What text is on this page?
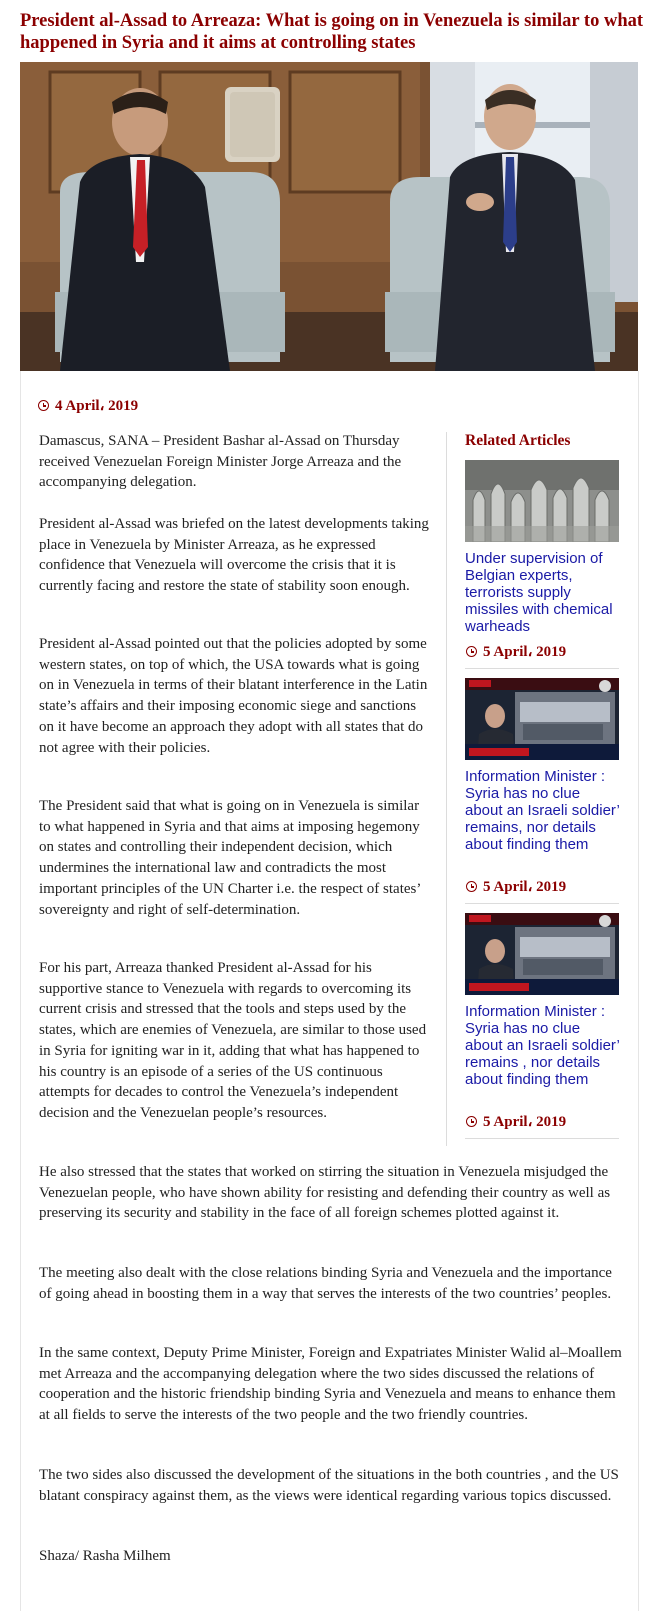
President al-Assad to Arreaza: What is going on in Venezuela is similar to what happened in Syria and it aims at controlling states
4 April، 2019

Damascus, SANA – President Bashar al-Assad on Thursday received Venezuelan Foreign Minister Jorge Arreaza and the accompanying delegation.

President al-Assad was briefed on the latest developments taking place in Venezuela by Minister Arreaza, as he expressed confidence that Venezuela will overcome the crisis that it is currently facing and restore the state of stability soon enough.

President al-Assad pointed out that the policies adopted by some western states, on top of which, the USA towards what is going on in Venezuela in terms of their blatant interference in the Latin state’s affairs and their imposing economic siege and sanctions on it have become an approach they adopt with all states that do not agree with their policies.

The President said that what is going on in Venezuela is similar to what happened in Syria and that aims at imposing hegemony on states and controlling their independent decision, which undermines the international law and contradicts the most important principles of the UN Charter i.e. the respect of states’ sovereignty and right of self-determination.

For his part, Arreaza thanked President al-Assad for his supportive stance to Venezuela with regards to overcoming its current crisis and stressed that the tools and steps used by the states, which are enemies of Venezuela, are similar to those used in Syria for igniting war in it, adding that what has happened to his country is an episode of a series of the US continuous attempts for decades to control the Venezuela’s independent decision and the Venezuelan people’s resources.

He also stressed that the states that worked on stirring the situation in Venezuela misjudged the Venezuelan people, who have shown ability for resisting and defending their country as well as preserving its security and stability in the face of all foreign schemes plotted against it.

The meeting also dealt with the close relations binding Syria and Venezuela and the importance of going ahead in boosting them in a way that serves the interests of the two countries’ peoples.

In the same context, Deputy Prime Minister, Foreign and Expatriates Minister Walid al–Moallem met Arreaza and the accompanying delegation where the two sides discussed the relations of cooperation and the historic friendship binding Syria and Venezuela and means to enhance them at all fields to serve the interests of the two people and the two friendly countries.

The two sides also discussed the development of the situations in the both countries , and the US blatant conspiracy against them, as the views were identical regarding various topics discussed.

Shaza/ Rasha Milhem

Related Articles
Under supervision of Belgian experts, terrorists supply missiles with chemical warheads
5 April، 2019
Information Minister : Syria has no clue about an Israeli soldier’ remains, nor details about finding them
5 April، 2019
Information Minister : Syria has no clue about an Israeli soldier’ remains , nor details about finding them
5 April، 2019
